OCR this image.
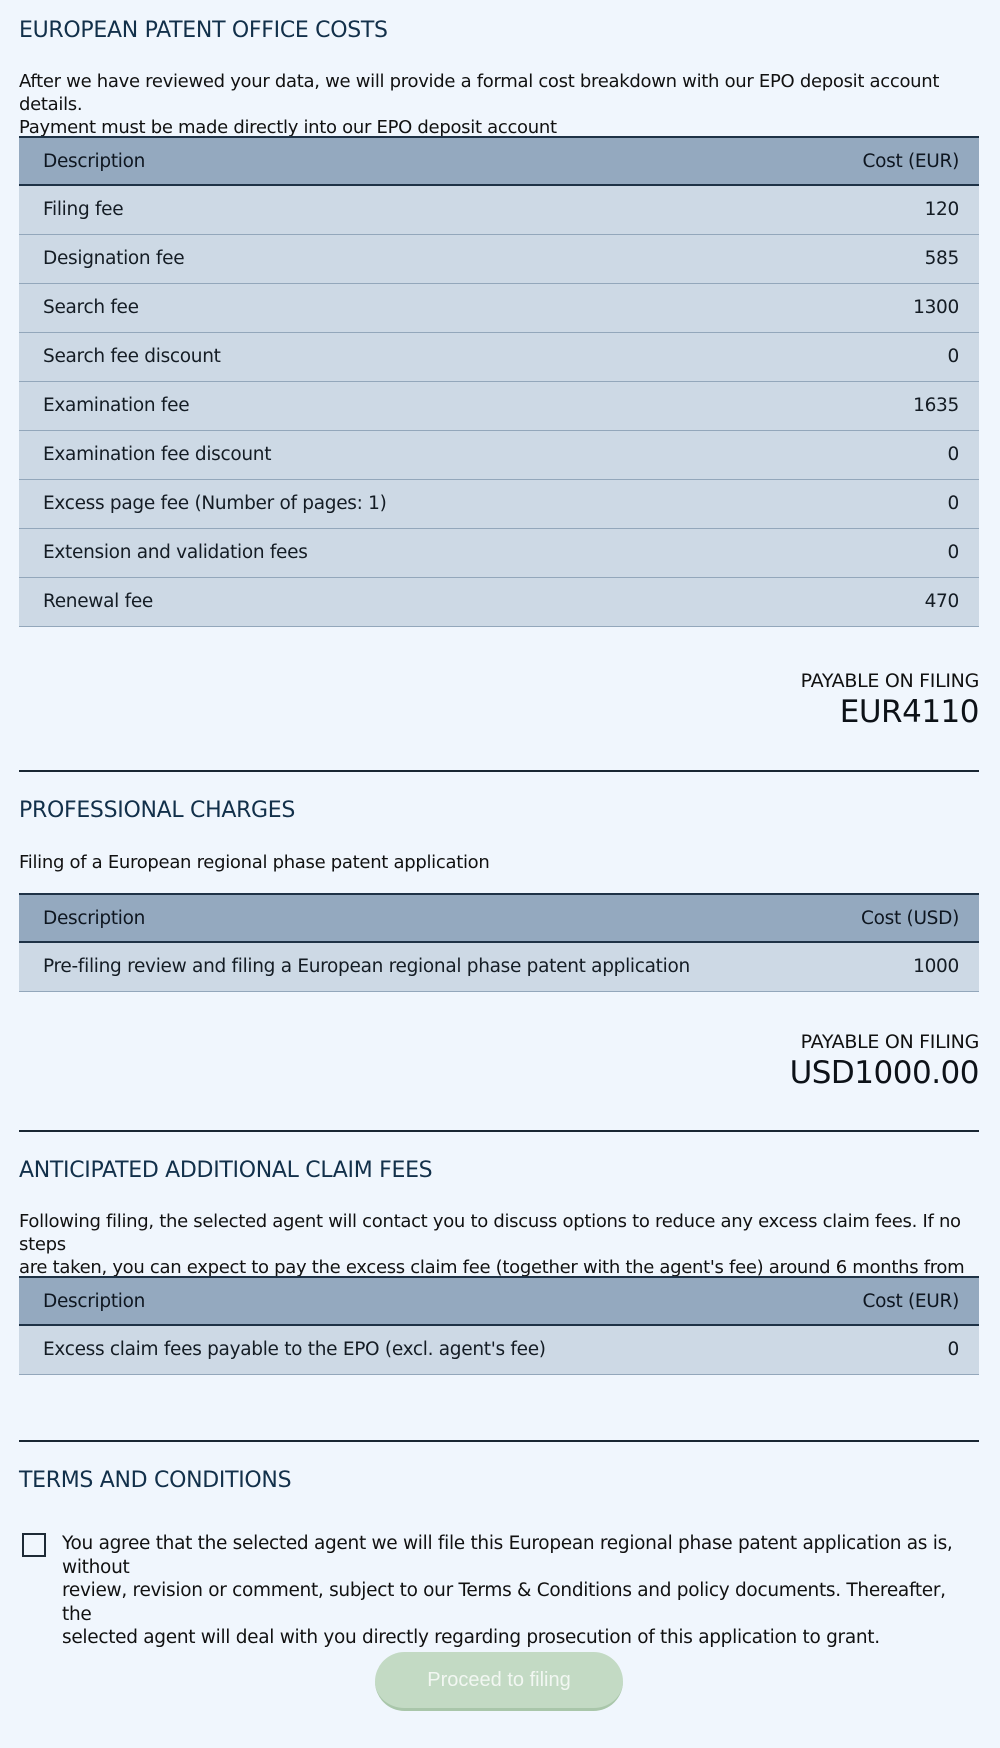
EUROPEAN PATENT OFFICE COSTS
After we have reviewed your data, we will provide a formal cost breakdown with our EPO deposit account details.
Payment must be made directly into our EPO deposit account
Description	Cost (EUR)
Filing fee	120
Designation fee	585
Search fee	1300
Search fee discount	0
Examination fee	1635
Examination fee discount	0
Excess page fee (Number of pages: 1)	0
Extension and validation fees	0
Renewal fee	470
PAYABLE ON FILING
EUR4110
PROFESSIONAL CHARGES
Filing of a European regional phase patent application
Description	Cost (USD)
Pre-filing review and filing a European regional phase patent application	1000
PAYABLE ON FILING
USD1000.00
ANTICIPATED ADDITIONAL CLAIM FEES
Following filing, the selected agent will contact you to discuss options to reduce any excess claim fees. If no steps
are taken, you can expect to pay the excess claim fee (together with the agent's fee) around 6 months from filing
Description	Cost (EUR)
Excess claim fees payable to the EPO (excl. agent's fee)	0
TERMS AND CONDITIONS
You agree that the selected agent we will file this European regional phase patent application as is, without
review, revision or comment, subject to our Terms & Conditions and policy documents. Thereafter, the
selected agent will deal with you directly regarding prosecution of this application to grant.
Proceed to filing
